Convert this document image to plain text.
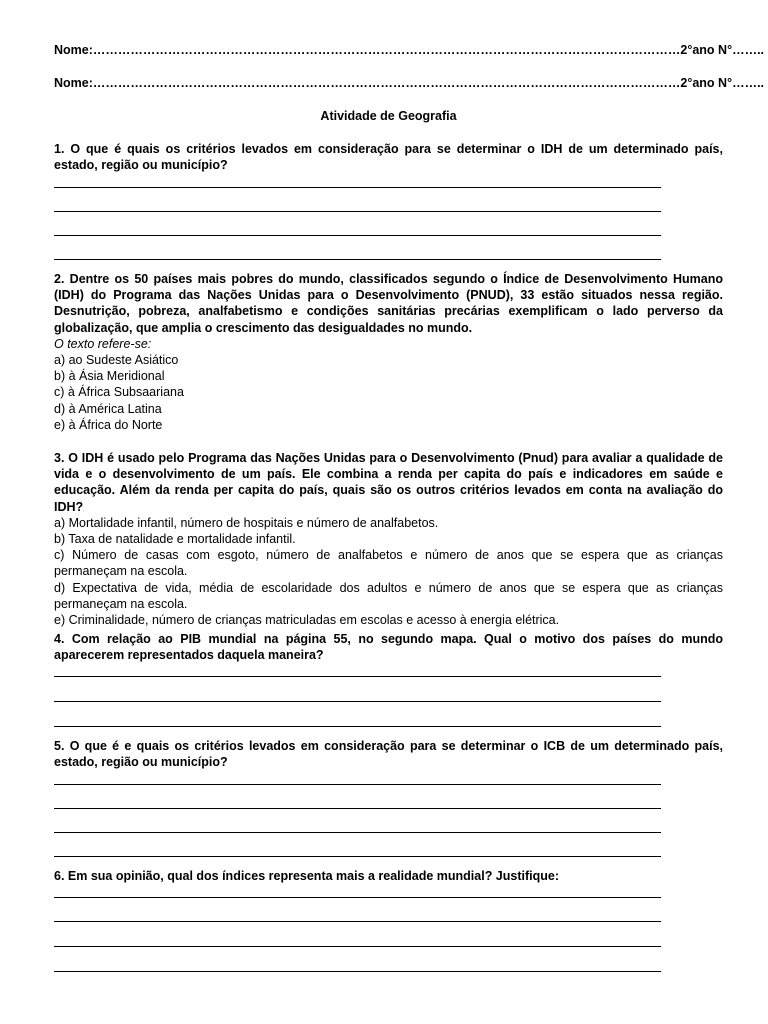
Nome:……………………………………………………………………………………………………………………………2°ano N°……..
Nome:……………………………………………………………………………………………………………………………2°ano N°……..
Atividade de Geografia
1. O que é quais os critérios levados em consideração para se determinar o IDH de um determinado país, estado, região ou município?
2. Dentre os 50 países mais pobres do mundo, classificados segundo o Índice de Desenvolvimento Humano (IDH) do Programa das Nações Unidas para o Desenvolvimento (PNUD), 33 estão situados nessa região. Desnutrição, pobreza, analfabetismo e condições sanitárias precárias exemplificam o lado perverso da globalização, que amplia o crescimento das desigualdades no mundo.
O texto refere-se:
a) ao Sudeste Asiático
b) à Ásia Meridional
c) à África Subsaariana
d) à América Latina
e) à África do Norte
3. O IDH é usado pelo Programa das Nações Unidas para o Desenvolvimento (Pnud) para avaliar a qualidade de vida e o desenvolvimento de um país. Ele combina a renda per capita do país e indicadores em saúde e educação. Além da renda per capita do país, quais são os outros critérios levados em conta na avaliação do IDH?
a) Mortalidade infantil, número de hospitais e número de analfabetos.
b) Taxa de natalidade e mortalidade infantil.
c) Número de casas com esgoto, número de analfabetos e número de anos que se espera que as crianças permaneçam na escola.
d) Expectativa de vida, média de escolaridade dos adultos e número de anos que se espera que as crianças permaneçam na escola.
e) Criminalidade, número de crianças matriculadas em escolas e acesso à energia elétrica.
4. Com relação ao PIB mundial na página 55, no segundo mapa. Qual o motivo dos países do mundo aparecerem representados daquela maneira?
5. O que é e quais os critérios levados em consideração para se determinar o ICB de um determinado país, estado, região ou município?
6. Em sua opinião, qual dos índices representa mais a realidade mundial? Justifique:
